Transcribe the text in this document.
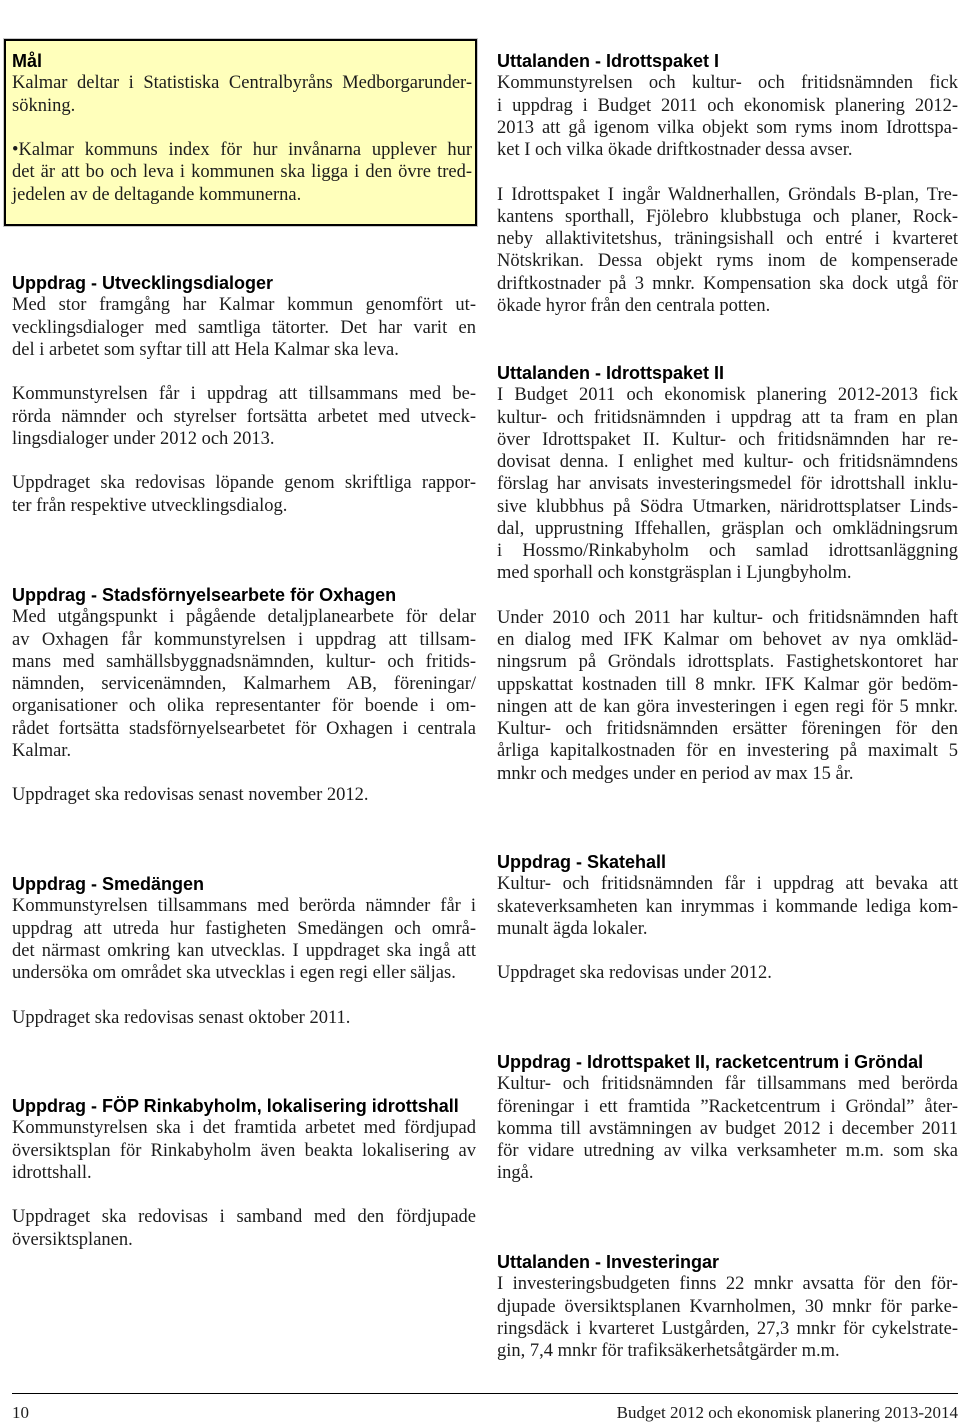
Mål
Kalmar deltar i Statistiska Centralbyråns Medborgarunder-
sökning.
•Kalmar kommuns index för hur invånarna upplever hur
det är att bo och leva i kommunen ska ligga i den övre tred-
jedelen av de deltagande kommunerna.
Uppdrag - Utvecklingsdialoger
Med stor framgång har Kalmar kommun genomfört ut-
vecklingsdialoger med samtliga tätorter. Det har varit en
del i arbetet som syftar till att Hela Kalmar ska leva.
Kommunstyrelsen får i uppdrag att tillsammans med be-
rörda nämnder och styrelser fortsätta arbetet med utveck-
lingsdialoger under 2012 och 2013.
Uppdraget ska redovisas löpande genom skriftliga rappor-
ter från respektive utvecklingsdialog.
Uppdrag - Stadsförnyelsearbete för Oxhagen
Med utgångspunkt i pågående detaljplanearbete för delar
av Oxhagen får kommunstyrelsen i uppdrag att tillsam-
mans med samhällsbyggnadsnämnden, kultur- och fritids-
nämnden, servicenämnden, Kalmarhem AB, föreningar/
organisationer och olika representanter för boende i om-
rådet fortsätta stadsförnyelsearbetet för Oxhagen i centrala
Kalmar.
Uppdraget ska redovisas senast november 2012.
Uppdrag - Smedängen
Kommunstyrelsen tillsammans med berörda nämnder får i
uppdrag att utreda hur fastigheten Smedängen och områ-
det närmast omkring kan utvecklas. I uppdraget ska ingå att
undersöka om området ska utvecklas i egen regi eller säljas.
Uppdraget ska redovisas senast oktober 2011.
Uppdrag - FÖP Rinkabyholm, lokalisering idrottshall
Kommunstyrelsen ska i det framtida arbetet med fördjupad
översiktsplan för Rinkabyholm även beakta lokalisering av
idrottshall.
Uppdraget ska redovisas i samband med den fördjupade
översiktsplanen.
Uttalanden - Idrottspaket I
Kommunstyrelsen och kultur- och fritidsnämnden fick
i uppdrag i Budget 2011 och ekonomisk planering 2012-
2013 att gå igenom vilka objekt som ryms inom Idrottspa-
ket I och vilka ökade driftkostnader dessa avser.
I Idrottspaket I ingår Waldnerhallen, Gröndals B-plan, Tre-
kantens sporthall, Fjölebro klubbstuga och planer, Rock-
neby allaktivitetshus, träningsishall och entré i kvarteret
Nötskrikan. Dessa objekt ryms inom de kompenserade
driftkostnader på 3 mnkr. Kompensation ska dock utgå för
ökade hyror från den centrala potten.
Uttalanden - Idrottspaket II
I Budget 2011 och ekonomisk planering 2012-2013 fick
kultur- och fritidsnämnden i uppdrag att ta fram en plan
över Idrottspaket II. Kultur- och fritidsnämnden har re-
dovisat denna. I enlighet med kultur- och fritidsnämndens
förslag har anvisats investeringsmedel för idrottshall inklu-
sive klubbhus på Södra Utmarken, näridrottsplatser Linds-
dal, upprustning Iffehallen, gräsplan och omklädningsrum
i Hossmo/Rinkabyholm och samlad idrottsanläggning
med sporhall och konstgräsplan i Ljungbyholm.
Under 2010 och 2011 har kultur- och fritidsnämnden haft
en dialog med IFK Kalmar om behovet av nya omkläd-
ningsrum på Gröndals idrottsplats. Fastighetskontoret har
uppskattat kostnaden till 8 mnkr. IFK Kalmar gör bedöm-
ningen att de kan göra investeringen i egen regi för 5 mnkr.
Kultur- och fritidsnämnden ersätter föreningen för den
årliga kapitalkostnaden för en investering på maximalt 5
mnkr och medges under en period av max 15 år.
Uppdrag - Skatehall
Kultur- och fritidsnämnden får i uppdrag att bevaka att
skateverksamheten kan inrymmas i kommande lediga kom-
munalt ägda lokaler.
Uppdraget ska redovisas under 2012.
Uppdrag - Idrottspaket II, racketcentrum i Gröndal
Kultur- och fritidsnämnden får tillsammans med berörda
föreningar i ett framtida ”Racketcentrum i Gröndal” åter-
komma till avstämningen av budget 2012 i december 2011
för vidare utredning av vilka verksamheter m.m. som ska
ingå.
Uttalanden - Investeringar
I investeringsbudgeten finns 22 mnkr avsatta för den för-
djupade översiktsplanen Kvarnholmen, 30 mnkr för parke-
ringsdäck i kvarteret Lustgården, 27,3 mnkr för cykelstrate-
gin, 7,4 mnkr för trafiksäkerhetsåtgärder m.m.
10	Budget 2012 och ekonomisk planering 2013-2014
